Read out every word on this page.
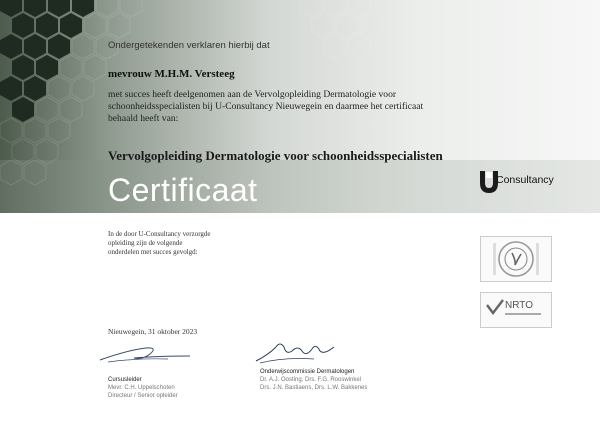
Ondergetekenden verklaren hierbij dat
mevrouw M.H.M. Versteeg
met succes heeft deelgenomen aan de Vervolgopleiding Dermatologie voor
schoonheidsspecialisten bij U-Consultancy Nieuwegein en daarmee het certificaat
behaald heeft van:
Vervolgopleiding Dermatologie voor schoonheidsspecialisten
Certificaat	Consultancy
In de door U-Consultancy verzorgde
opleiding zijn de volgende
onderdelen met succes gevolgd:
NRTO
Nieuwegein, 31 oktober 2023
Cursusleider
Mevr. C.H. Uppelschoten
Directeur / Senior opleider
Onderwijscommissie Dermatologen
Dr. A.J. Oosting, Drs. F.G. Rooswinkel
Drs. J.N. Bastiaens, Drs. L.W. Bakkenes
